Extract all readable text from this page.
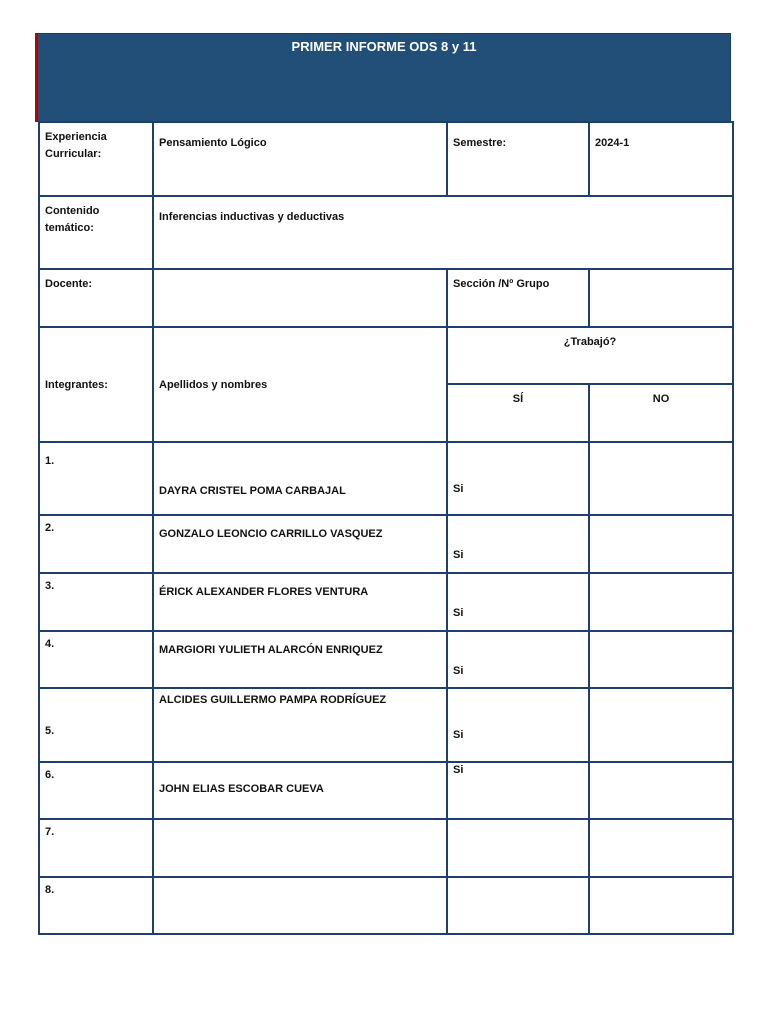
PRIMER INFORME ODS 8 y 11
Experiencia Curricular:	Pensamiento Lógico	Semestre:	2024-1
Contenido temático:	Inferencias inductivas y deductivas		
Docente:		Sección /Nº Grupo	
Integrantes:	Apellidos y nombres	¿Trabajó?	
		SÍ	NO
1.	DAYRA CRISTEL POMA CARBAJAL	Si	
2.	GONZALO LEONCIO CARRILLO VASQUEZ	Si	
3.	ÉRICK ALEXANDER FLORES VENTURA	Si	
4.	MARGIORI YULIETH ALARCÓN ENRIQUEZ	Si	
5.	ALCIDES GUILLERMO PAMPA RODRÍGUEZ	Si	
6.	JOHN ELIAS ESCOBAR CUEVA	Si	
7.			
8.			
